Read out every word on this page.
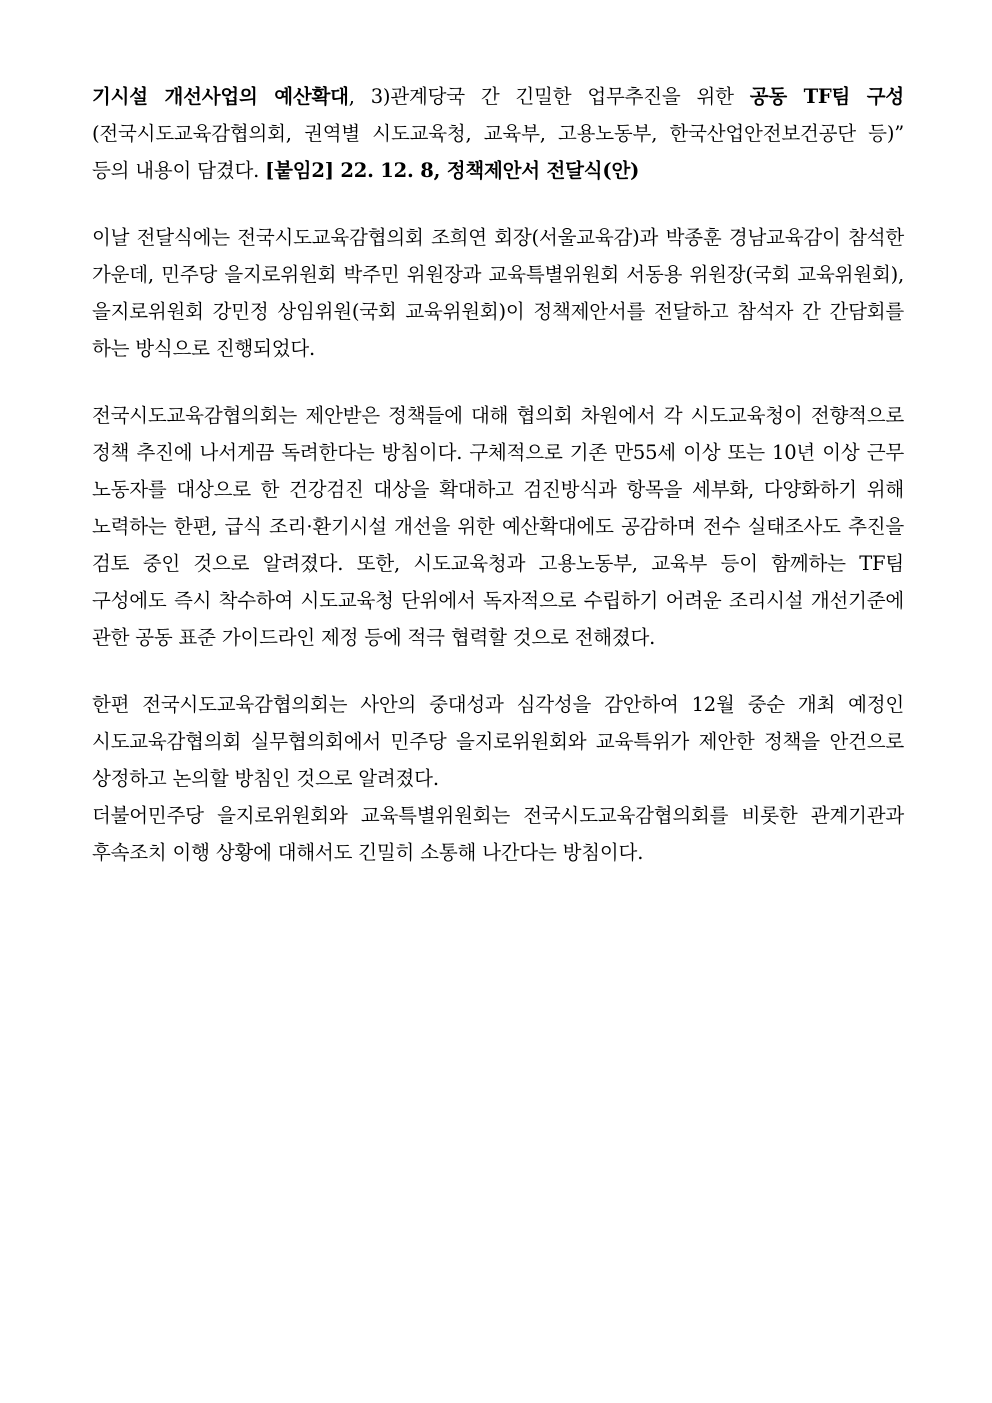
기시설 개선사업의 예산확대, 3)관계당국 간 긴밀한 업무추진을 위한 공동 TF팀 구성(전국시도교육감협의회, 권역별 시도교육청, 교육부, 고용노동부, 한국산업안전보건공단 등)” 등의 내용이 담겼다. [붙임2] 22. 12. 8, 정책제안서 전달식(안)

이날 전달식에는 전국시도교육감협의회 조희연 회장(서울교육감)과 박종훈 경남교육감이 참석한 가운데, 민주당 을지로위원회 박주민 위원장과 교육특별위원회 서동용 위원장(국회 교육위원회), 을지로위원회 강민정 상임위원(국회 교육위원회)이 정책제안서를 전달하고 참석자 간 간담회를 하는 방식으로 진행되었다.

전국시도교육감협의회는 제안받은 정책들에 대해 협의회 차원에서 각 시도교육청이 전향적으로 정책 추진에 나서게끔 독려한다는 방침이다. 구체적으로 기존 만55세 이상 또는 10년 이상 근무 노동자를 대상으로 한 건강검진 대상을 확대하고 검진방식과 항목을 세부화, 다양화하기 위해 노력하는 한편, 급식 조리·환기시설 개선을 위한 예산확대에도 공감하며 전수 실태조사도 추진을 검토 중인 것으로 알려졌다. 또한, 시도교육청과 고용노동부, 교육부 등이 함께하는 TF팀 구성에도 즉시 착수하여 시도교육청 단위에서 독자적으로 수립하기 어려운 조리시설 개선기준에 관한 공동 표준 가이드라인 제정 등에 적극 협력할 것으로 전해졌다.

한편 전국시도교육감협의회는 사안의 중대성과 심각성을 감안하여 12월 중순 개최 예정인 시도교육감협의회 실무협의회에서 민주당 을지로위원회와 교육특위가 제안한 정책을 안건으로 상정하고 논의할 방침인 것으로 알려졌다.

더불어민주당 을지로위원회와 교육특별위원회는 전국시도교육감협의회를 비롯한 관계기관과 후속조치 이행 상황에 대해서도 긴밀히 소통해 나간다는 방침이다.
